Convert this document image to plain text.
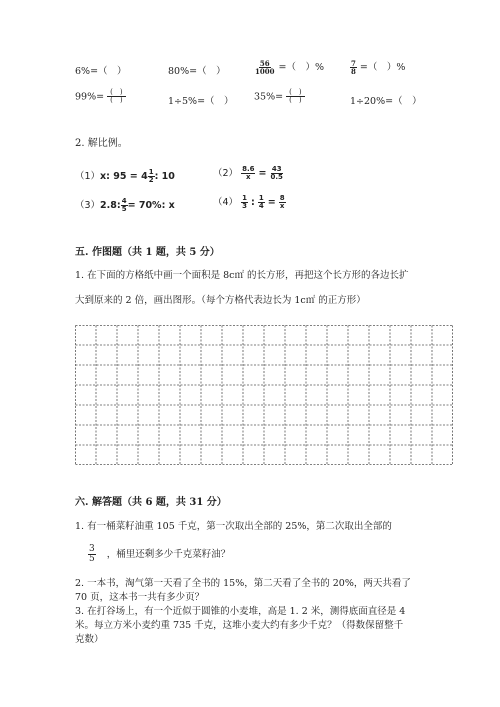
6%=（　）	80%=（　）	$\frac{56}{1000}$ =（　）%	$\frac{7}{8}$ =（　）%
$99\%= \frac{( )}{( )}$	1÷5%=（　） $35\%= \frac{( )}{( )}$	1÷20%=（　）
2. 解比例。
（1）x: $95 = 4 \frac{1}{2}$ : 10	$(2) \frac{8.6}{x} = \frac{43}{0.5}$
（3）2.8: $\frac{4}{5} = 70\%$: x	$(4) \frac{1}{3}$ : $\frac{1}{4} = \frac{8}{x}$
五. 作图题（共 1 题，共 5 分）
1. 在下面的方格纸中画一个面积是 8c㎡ 的长方形，再把这个长方形的各边长扩
大到原来的 2 倍，画出图形。（每个方格代表边长为 1c㎡ 的正方形）
六. 解答题（共 6 题，共 31 分）
1. 有一桶菜籽油重 105 千克，第一次取出全部的 25%，第二次取出全部的
$\frac{3}{5}$ ，桶里还剩多少千克菜籽油？
2. 一本书，淘气第一天看了全书的 15%，第二天看了全书的 20%，两天共看了
70 页，这本书一共有多少页？
3. 在打谷场上，有一个近似于圆锥的小麦堆，高是 1. 2 米，测得底面直径是 4
米。每立方米小麦约重 735 千克，这堆小麦大约有多少千克？（得数保留整千
克数）
